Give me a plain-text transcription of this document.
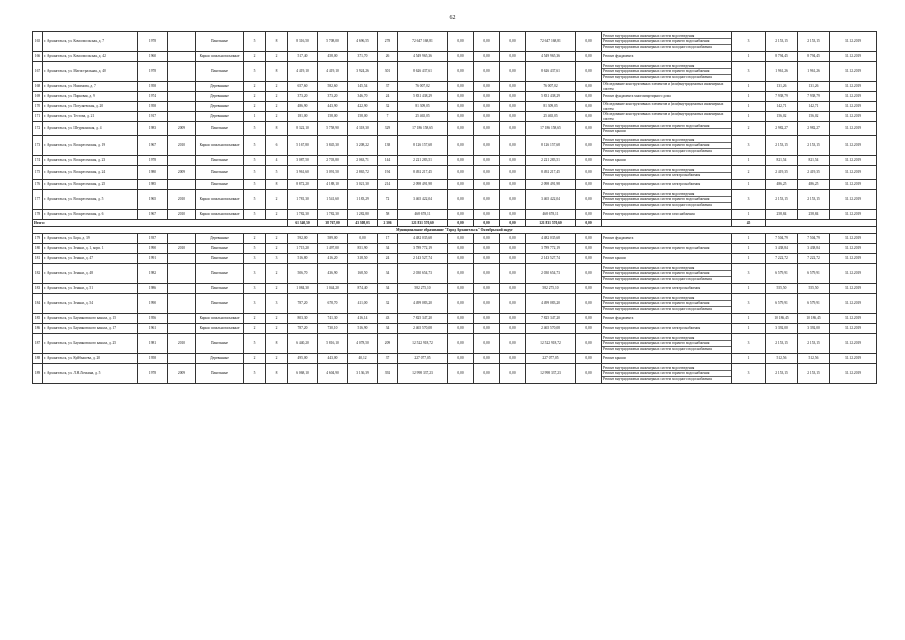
62
165	г. Архангельск, ул. Комсомольская, д. 7	1978		Панельные	5	8	8 316,50	5 708,00	4 696,55	278	72 647 168,81	0,00	0,00	0,00	72 647 168,81	0,00	Ремонт внутридомовых инженерных систем водоотведения
Ремонт внутридомовых инженерных систем горячего водоснабжения
Ремонт внутридомовых инженерных систем холодного водоснабжения	3	2 153,15	2 153,15	31.12.2019
166	г. Архангельск, ул. Комсомольская, д. 42	1960		Каркас шпальнозасыпные	2	2	517,40	458,00	371,70	26	4 549 965,36	0,00	0,00	0,00	4 549 965,36	0,00	Ремонт фундамента	1	8 794,45	8 794,45	31.12.2019
167	г. Архангельск, ул. Магистральная, д. 40	1978		Панельные	5	8	4 419,10	4 419,10	3 924,26	301	8 626 437,61	0,00	0,00	0,00	8 626 437,61	0,00	Ремонт внутридомовых инженерных систем водоотведения
Ремонт внутридомовых инженерных систем горячего водоснабжения
Ремонт внутридомовых инженерных систем холодного водоснабжения	3	1 961,26	1 961,26	31.12.2019
168	г. Архангельск, ул. Нахимова, д. 7	1958		Деревянные	2	2	657,60	582,60	145,54	37	76 007,02	0,00	0,00	0,00	76 007,02	0,00	Обследование конструктивных элементов и (или)внутридомовых инженерных систем	1	131,26	131,26	31.12.2019
169	г. Архангельск, ул. Парковая, д. 9	1974		Деревянные	2	2	373,20	373,20	346,70	24	5 831 438,29	0,00	0,00	0,00	5 831 438,29	0,00	Ремонт фундамента многоквартирного дома	1	7 938,79	7 938,79	31.12.2019
170	г. Архангельск, ул. Погуляевская, д. 20	1958		Деревянные	2	2	486,90	443,90	422,90	32	81 309,05	0,00	0,00	0,00	81 309,05	0,00	Обследование конструктивных элементов и (или)внутридомовых инженерных систем	1	142,71	142,71	31.12.2019
171	г. Архангельск, ул. Тестова, д. 21	1917		Деревянные	1	2	181,00	158,00	158,00	7	25 465,05	0,00	0,00	0,00	25 465,05	0,00	Обследование конструктивных элементов и (или)внутридомовых инженерных систем	1	156,02	156,02	31.12.2019
172	г. Архангельск, ул. Штурманская, д. 4	1983	2009	Панельные	5	8	8 322,10	5 758,90	4 318,30	329	17 186 158,65	0,00	0,00	0,00	17 186 158,65	0,00	Ремонт внутридомовых инженерных систем горячего водоснабжения
Ремонт крыши	2	2 982,27	2 982,27	31.12.2019
173	г. Архангельск, ул. Воскресенская, д. 19	1967	2010	Каркас шпальнозасыпные	5	6	5 167,80	3 845,30	3 208,22	138	8 126 157,68	0,00	0,00	0,00	8 126 157,68	0,00	Ремонт внутридомовых инженерных систем водоотведения
Ремонт внутридомовых инженерных систем горячего водоснабжения
Ремонт внутридомовых инженерных систем холодного водоснабжения	3	2 153,15	2 153,15	31.12.2019
174	г. Архангельск, ул. Воскресенская, д. 23	1978		Панельные	5	4	3 087,50	2 703,80	2 063,71	144	2 221 283,51	0,00	0,00	0,00	2 221 283,51	0,00	Ремонт крыши	1	821,54	821,54	31.12.2019
175	г. Архангельск, ул. Воскресенская, д. 24	1980	2009	Панельные	5	5	3 961,60	3 091,50	2 865,72	194	8 492 217,45	0,00	0,00	0,00	8 492 217,45	0,00	Ремонт внутридомовых инженерных систем водоотведения
Ремонт внутридомовых инженерных систем электроснабжения	2	2 419,35	2 419,35	31.12.2019
176	г. Архангельск, ул. Воскресенская, д. 25	1985		Панельные	5	8	8 872,20	4 188,10	3 021,30	214	2 098 491,98	0,00	0,00	0,00	2 098 491,98	0,00	Ремонт внутридомовых инженерных систем электроснабжения	1	486,25	486,25	31.12.2019
177	г. Архангельск, ул. Воскресенская, д. 5	1965	2010	Каркас шпальнозасыпные	5	2	1 781,30	1 541,60	1 183,29	72	3 465 422,04	0,00	0,00	0,00	3 465 422,04	0,00	Ремонт внутридомовых инженерных систем водоотведения
Ремонт внутридомовых инженерных систем горячего водоснабжения
Ремонт внутридомовых инженерных систем холодного водоснабжения	3	2 153,15	2 153,15	31.12.2019
178	г. Архангельск, ул. Воскресенская, д. 6	1967	2010	Каркас шпальнозасыпные	5	2	1 782,30	1 782,30	1 282,80	58	468 678,11	0,00	0,00	0,00	468 678,11	0,00	Ремонт внутридомовых инженерных систем газоснабжения	1	258,84	258,84	31.12.2019
Итого:							61 340,50	38 767,00	43 308,03	2 306	121 831 570,60	0,00	0,00	0,00	121 831 570,60	0,00		45			
Муниципальное образование "Город Архангельск" Октябрьский округ																					
179	г. Архангельск, ул. Бора, д. 39	1937		Деревянные	2	2	592,00	589,00	0,00	17	4 482 035,68	0,00	0,00	0,00	4 482 035,68	0,00	Ремонт фундамента	1	7 504,79	7 504,79	31.12.2019
180	г. Архангельск, ул. Зеньки, д. 1, корп. 1	1990	2010	Панельные	5	2	1 715,20	1 497,00	851,90	34	3 789 772,19	0,00	0,00	0,00	3 789 772,19	0,00	Ремонт внутридомовых инженерных систем горячего водоснабжения	1	3 438,84	3 438,84	31.12.2019
181	г. Архангельск, ул. Зеньки, д. 47	1991		Панельные	3	3	516,80	416,20	318,50	24	2 143 527,74	0,00	0,00	0,00	2 143 527,74	0,00	Ремонт крыши	1	7 222,72	7 222,72	31.12.2019
182	г. Архангельск, ул. Зеньки, д. 48	1982		Панельные	3	2	506,70	436,90	168,50	34	2 030 654,73	0,00	0,00	0,00	2 030 654,73	0,00	Ремонт внутридомовых инженерных систем водоотведения
Ремонт внутридомовых инженерных систем горячего водоснабжения
Ремонт внутридомовых инженерных систем холодного водоснабжения	3	6 579,91	6 579,91	31.12.2019
183	г. Архангельск, ул. Зеньки, д. 51	1986		Панельные	3	2	1 084,30	1 044,20	874,40	34	582 275,10	0,00	0,00	0,00	582 275,10	0,00	Ремонт внутридомовых инженерных систем электроснабжения	1	555,50	555,50	31.12.2019
184	г. Архангельск, ул. Зеньки, д. 54	1990		Панельные	3	3	787,20	678,70	411,00	32	4 499 083,20	0,00	0,00	0,00	4 499 083,20	0,00	Ремонт внутридомовых инженерных систем водоотведения
Ремонт внутридомовых инженерных систем горячего водоснабжения
Ремонт внутридомовых инженерных систем холодного водоснабжения	3	6 579,91	6 579,91	31.12.2019
185	г. Архангельск, ул. Баумановского канала, д. 15	1956		Каркас шпальнозасыпные	2	2	803,30	741,30	416,14	43	7 825 347,20	0,00	0,00	0,00	7 825 347,20	0,00	Ремонт фундамента	1	10 186,45	10 186,45	31.12.2019
186	г. Архангельск, ул. Баумановского канала, д. 17	1961		Каркас шпальнозасыпные	2	2	787,20	730,10	516,90	34	2 465 570,08	0,00	0,00	0,00	2 465 570,08	0,00	Ремонт внутридомовых инженерных систем электроснабжения	1	3 392,00	3 392,00	31.12.2019
187	г. Архангельск, ул. Баумановского канала, д. 25	1981	2010	Панельные	5	8	6 440,20	5 816,10	4 078,50	209	12 522 918,72	0,00	0,00	0,00	12 522 918,72	0,00	Ремонт внутридомовых инженерных систем водоотведения
Ремонт внутридомовых инженерных систем горячего водоснабжения
Ремонт внутридомовых инженерных систем холодного водоснабжения	3	2 153,15	2 153,15	31.12.2019
188	г. Архангельск, ул. Куйбышева, д. 20	1958		Деревянные	2	2	495,00	443,00	40,12	37	227 077,05	0,00	0,00	0,00	227 077,05	0,00	Ремонт крыши	1	512,56	512,56	31.12.2019
189	г. Архангельск, ул. Л.Н.Лочкина, д. 5	1978	2009	Панельные	5	8	6 068,10	4 604,90	3 136,39	392	12 998 337,23	0,00	0,00	0,00	12 998 337,23	0,00	Ремонт внутридомовых инженерных систем водоотведения
Ремонт внутридомовых инженерных систем горячего водоснабжения
Ремонт внутридомовых инженерных систем холодного водоснабжения	3	2 153,15	2 153,15	31.12.2019
